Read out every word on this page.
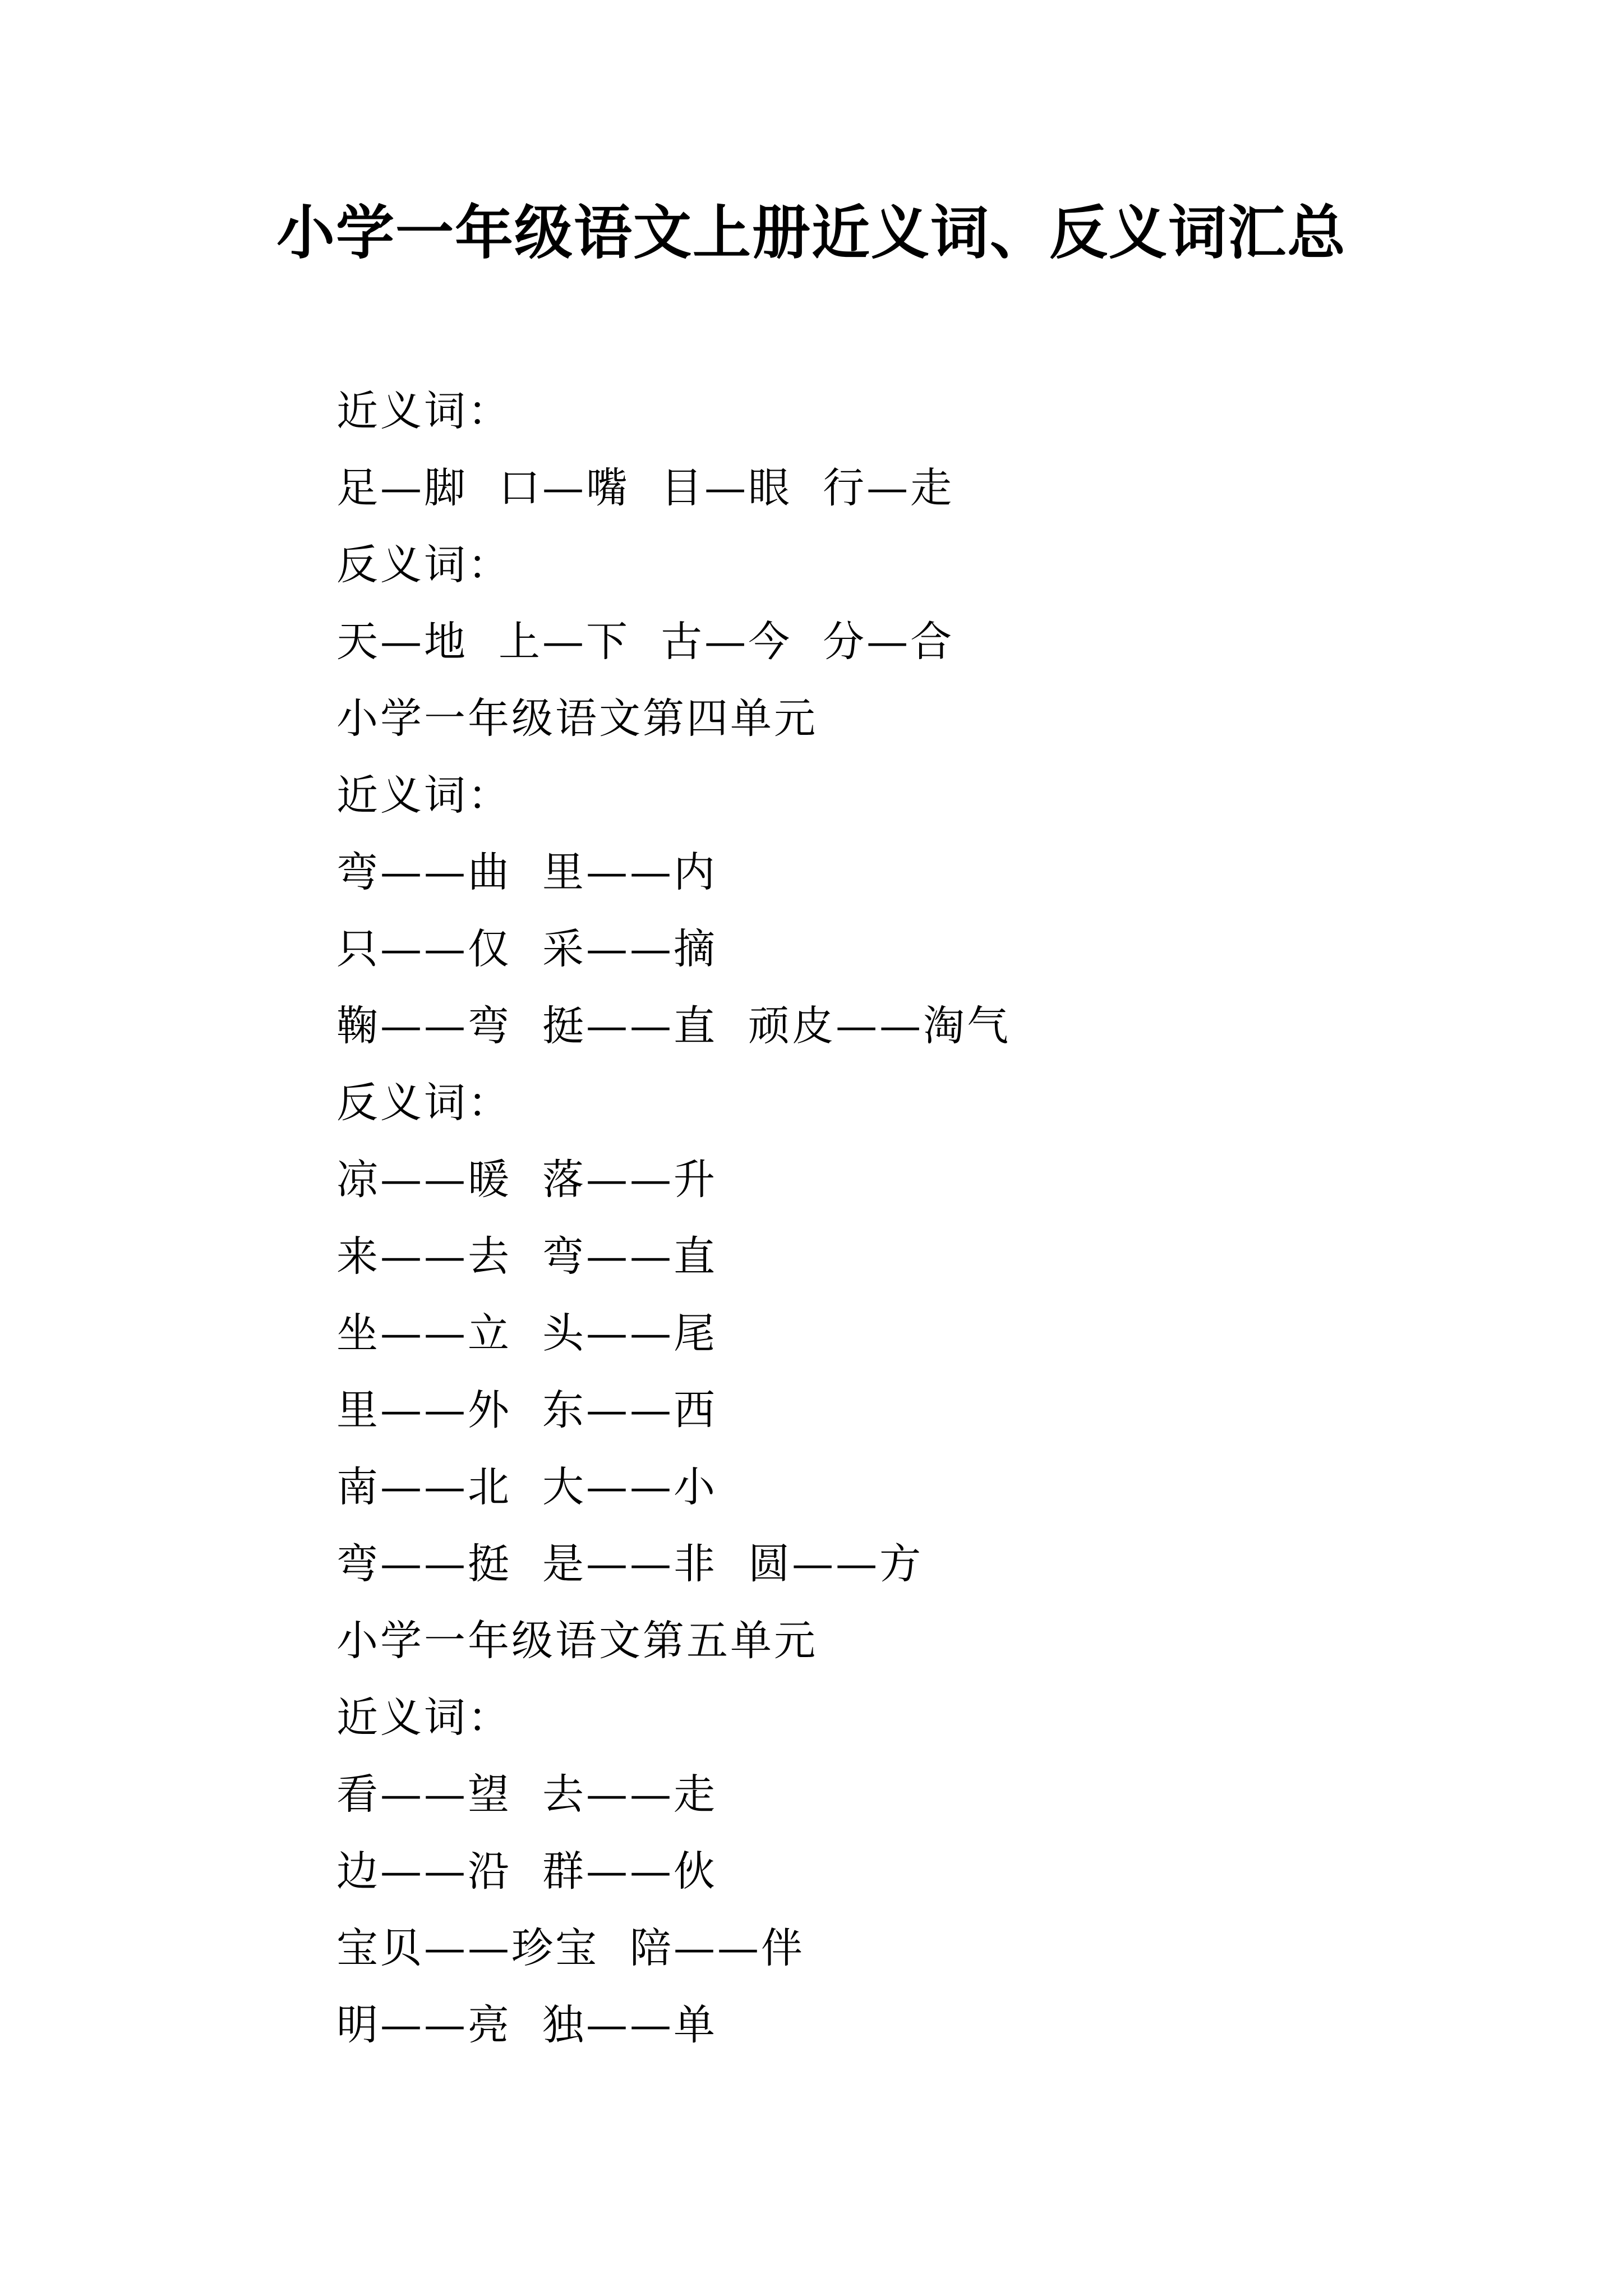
小学一年级语文上册近义词、反义词汇总
近义词：
足—脚  口—嘴  目—眼  行—走
反义词：
天—地  上—下  古—今  分—合
小学一年级语文第四单元
近义词：
弯——曲  里——内
只——仅  采——摘
鞠——弯  挺——直  顽皮——淘气
反义词：
凉——暖  落——升
来——去  弯——直
坐——立  头——尾
里——外  东——西
南——北  大——小
弯——挺  是——非  圆——方
小学一年级语文第五单元
近义词：
看——望  去——走
边——沿  群——伙
宝贝——珍宝  陪——伴
明——亮  独——单
